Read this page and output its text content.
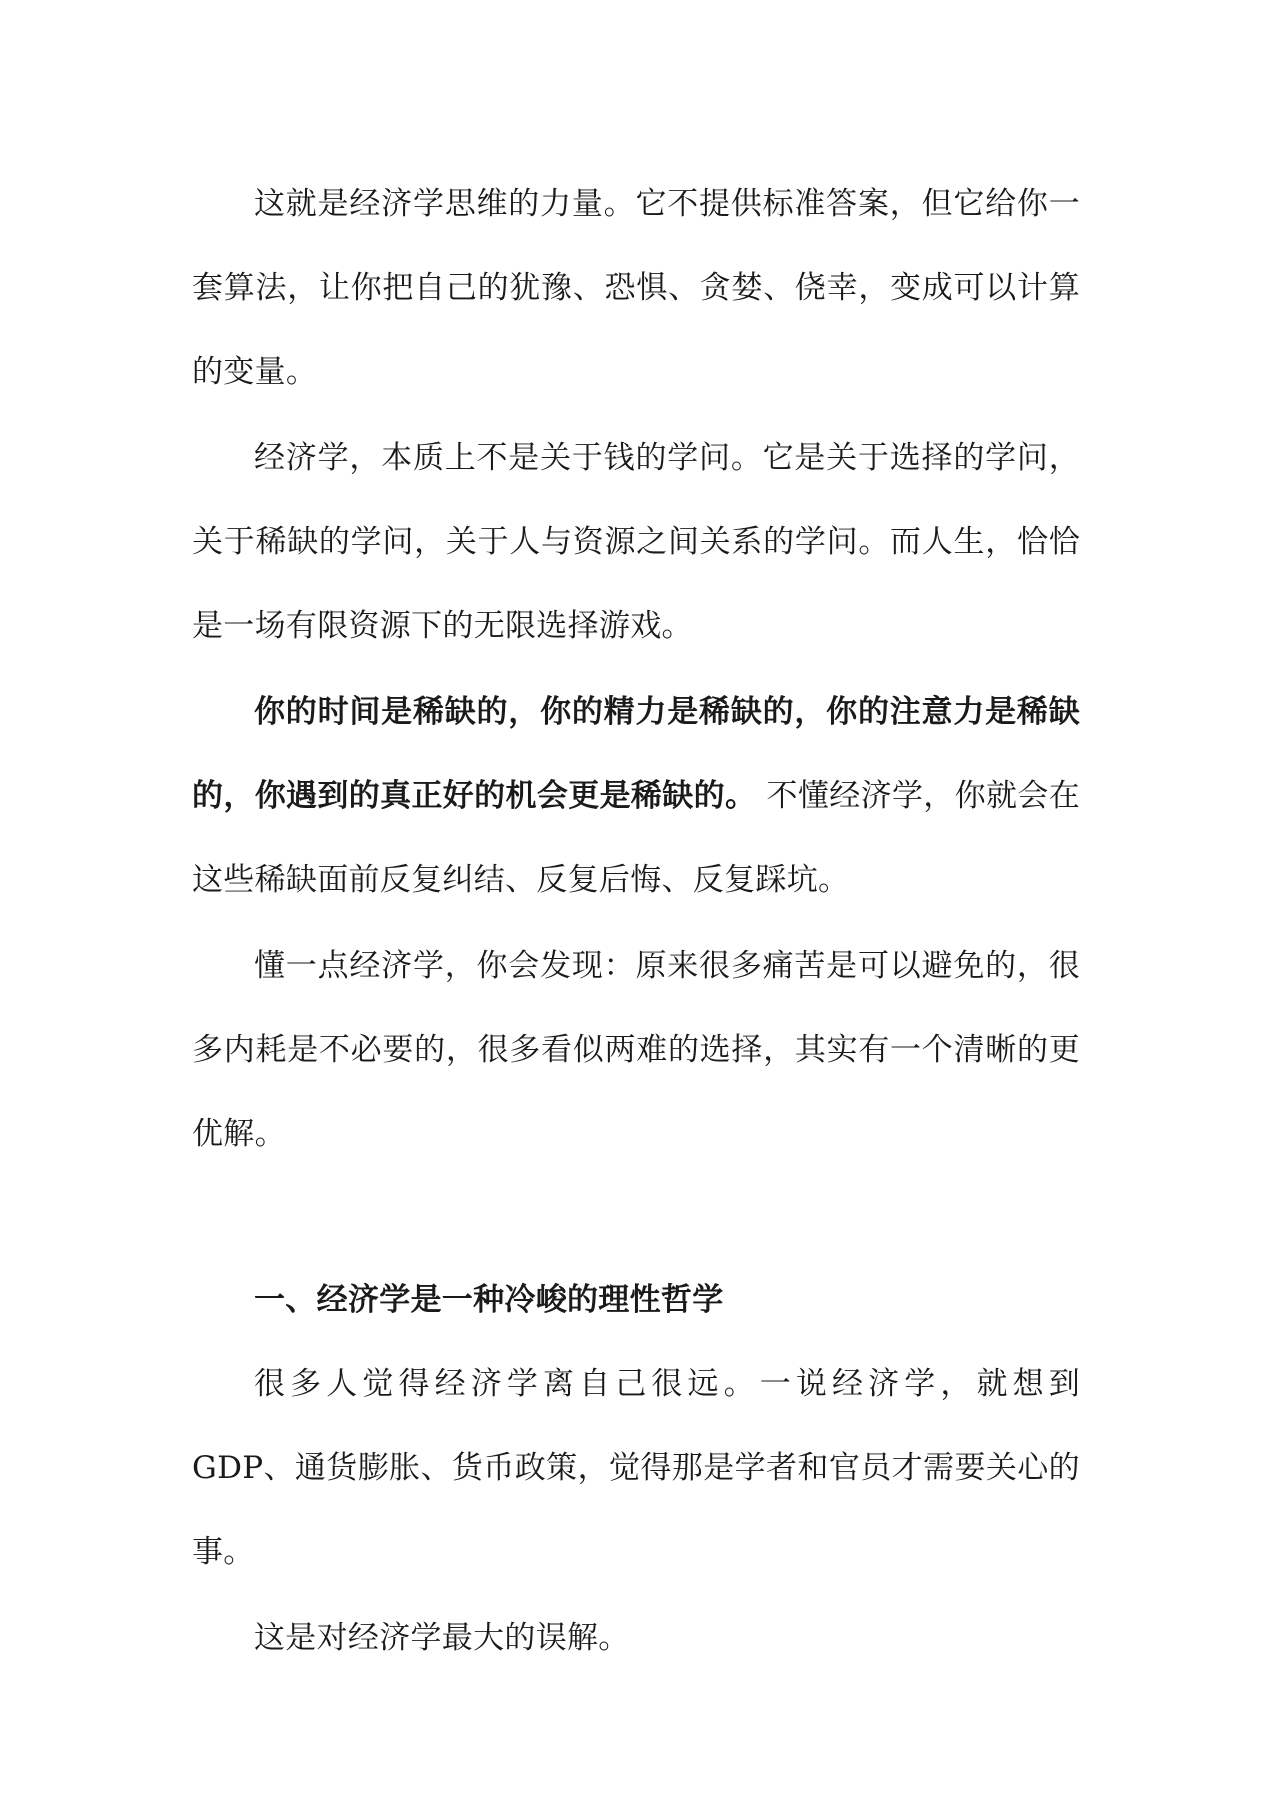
这就是经济学思维的力量。它不提供标准答案，但它给你一套算法，让你把自己的犹豫、恐惧、贪婪、侥幸，变成可以计算的变量。

经济学，本质上不是关于钱的学问。它是关于选择的学问，关于稀缺的学问，关于人与资源之间关系的学问。而人生，恰恰是一场有限资源下的无限选择游戏。

你的时间是稀缺的，你的精力是稀缺的，你的注意力是稀缺的，你遇到的真正好的机会更是稀缺的。 不懂经济学，你就会在这些稀缺面前反复纠结、反复后悔、反复踩坑。

懂一点经济学，你会发现：原来很多痛苦是可以避免的，很多内耗是不必要的，很多看似两难的选择，其实有一个清晰的更优解。

一、经济学是一种冷峻的理性哲学

很多人觉得经济学离自己很远。一说经济学，就想到 GDP、通货膨胀、货币政策，觉得那是学者和官员才需要关心的事。

这是对经济学最大的误解。
